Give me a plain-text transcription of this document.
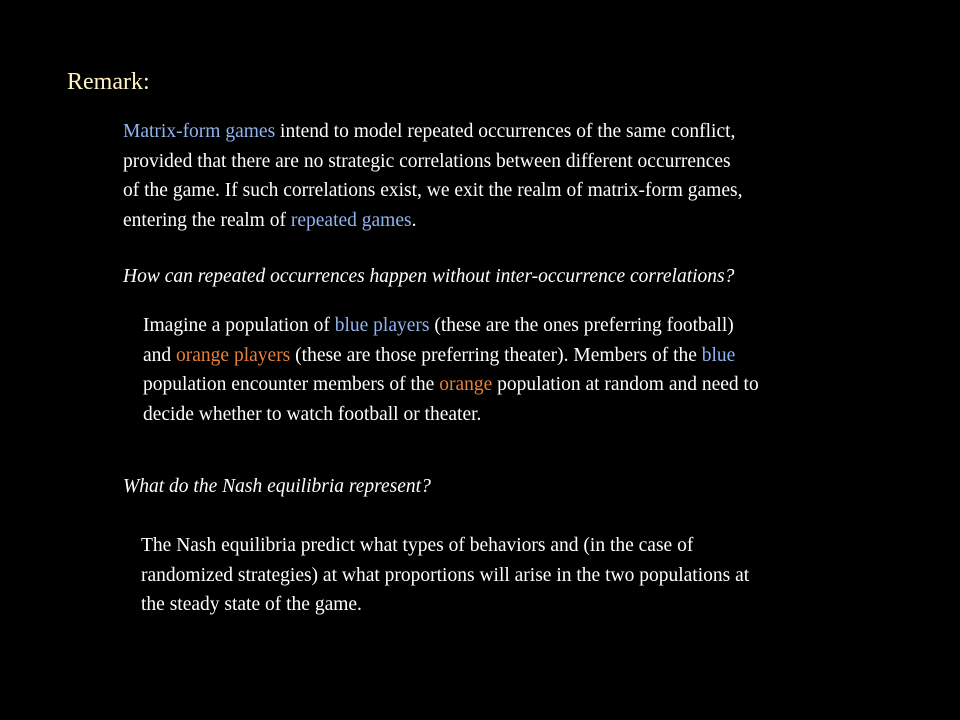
Remark:

Matrix-form games intend to model repeated occurrences of the same conflict,
provided that there are no strategic correlations between different occurrences
of the game. If such correlations exist, we exit the realm of matrix-form games,
entering the realm of repeated games.

How can repeated occurrences happen without inter-occurrence correlations?

Imagine a population of blue players (these are the ones preferring football)
and orange players (these are those preferring theater). Members of the blue
population encounter members of the orange population at random and need to
decide whether to watch football or theater.

What do the Nash equilibria represent?

The Nash equilibria predict what types of behaviors and (in the case of
randomized strategies) at what proportions will arise in the two populations at
the steady state of the game.
